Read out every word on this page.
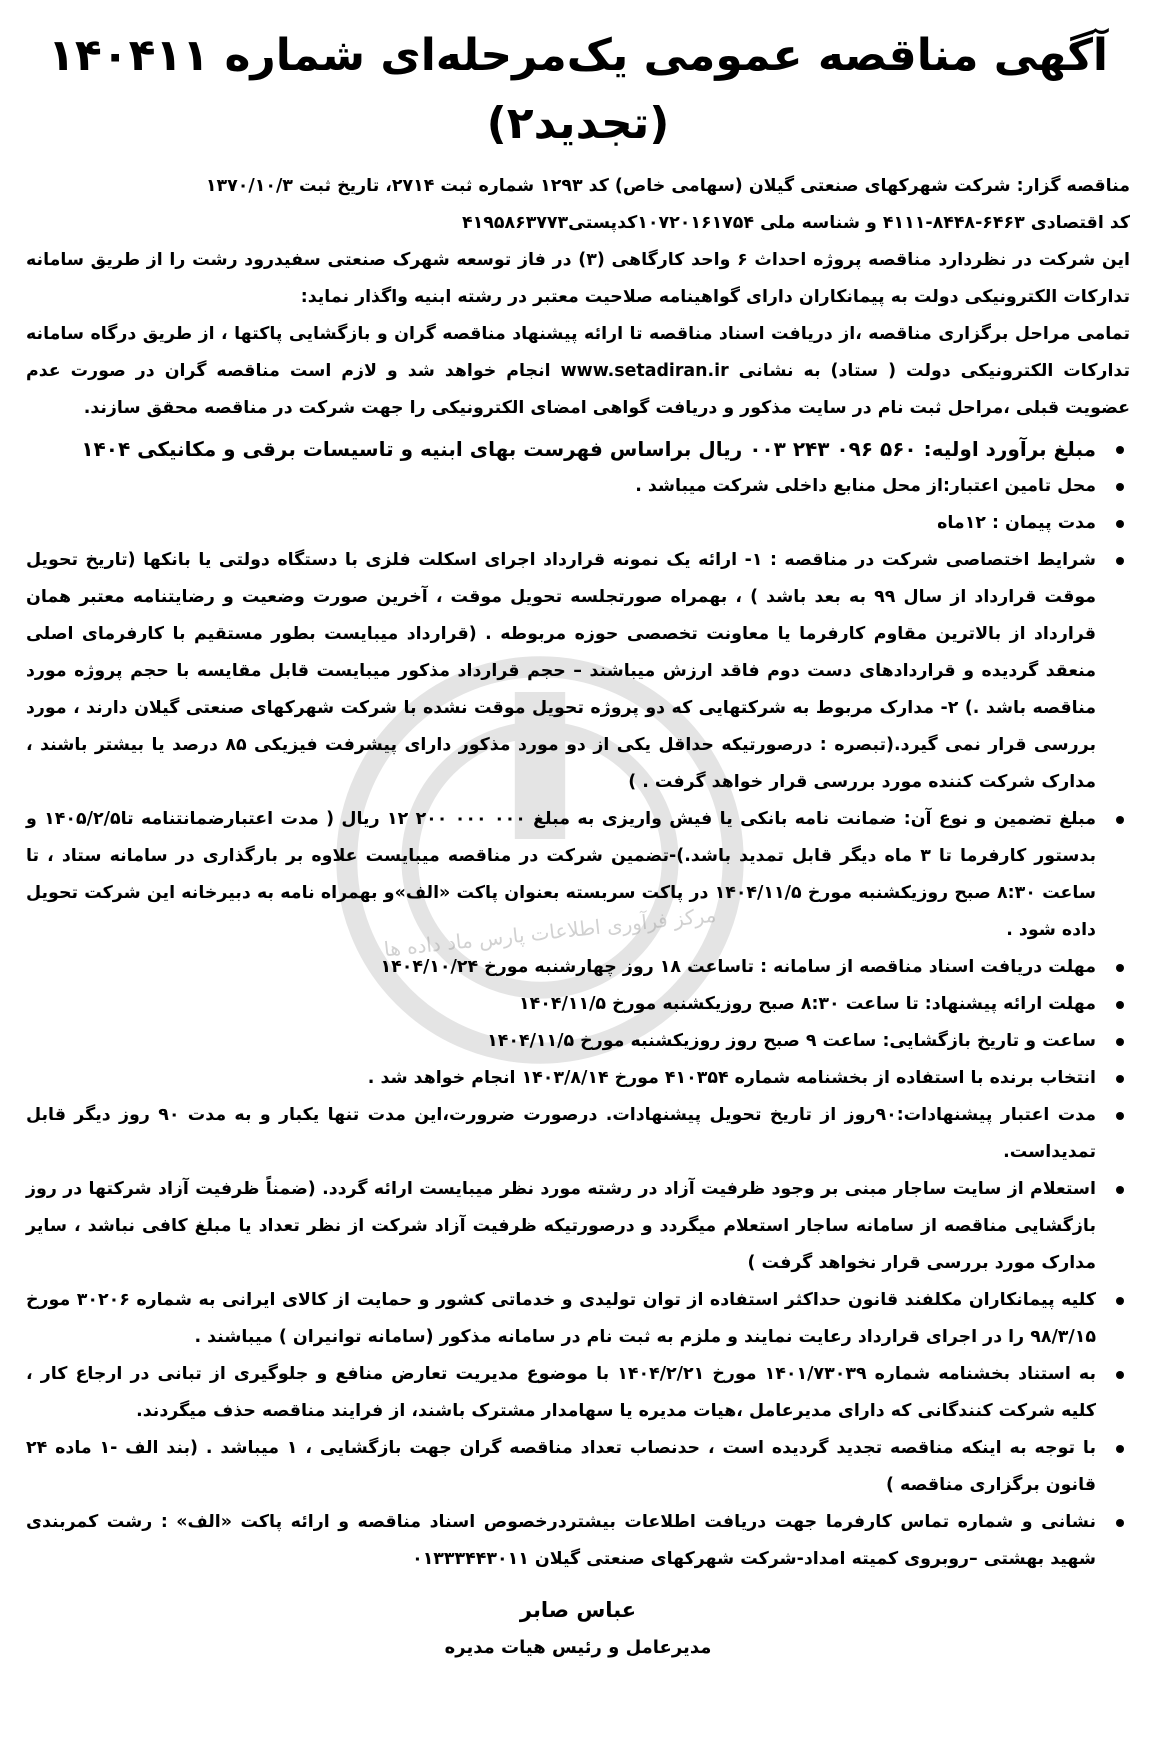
مرکز فرآوری اطلاعات پارس ماد داده ها
آگهی مناقصه عمومی یک‌مرحله‌ای شماره ۱۴۰۴۱۱ (تجدید۲)
مناقصه گزار: شرکت شهرکهای صنعتی گیلان (سهامی خاص) کد ۱۲۹۳ شماره ثبت ۲۷۱۴، تاریخ ثبت ۱۳۷۰/۱۰/۳
کد اقتصادی ۶۴۶۳-۸۴۴۸-۴۱۱۱ و شناسه ملی ۱۰۷۲۰۱۶۱۷۵۴کدپستی۴۱۹۵۸۶۳۷۷۳

این شرکت در نظردارد مناقصه پروژه احداث ۶ واحد کارگاهی (۳) در فاز توسعه شهرک صنعتی سفیدرود رشت را از طریق سامانه تدارکات الکترونیکی دولت به پیمانکاران دارای گواهینامه صلاحیت معتبر در رشته ابنیه واگذار نماید:

تمامی مراحل برگزاری مناقصه ،از دریافت اسناد مناقصه تا ارائه پیشنهاد مناقصه گران و بازگشایی پاکتها ، از طریق درگاه سامانه تدارکات الکترونیکی دولت ( ستاد) به نشانی www.setadiran.ir انجام خواهد شد و لازم است مناقصه گران در صورت عدم عضویت قبلی ،مراحل ثبت نام در سایت مذکور و دریافت گواهی امضای الکترونیکی را جهت شرکت در مناقصه محقق سازند.

مبلغ برآورد اولیه: ۵۶۰ ۰۹۶ ۲۴۳ ۰۰۳ ریال براساس فهرست بهای ابنیه و تاسیسات برقی و مکانیکی ۱۴۰۴
محل تامین اعتبار:از محل منابع داخلی شرکت میباشد .
مدت پیمان : ۱۲ماه
شرایط اختصاصی شرکت در مناقصه : ۱- ارائه یک نمونه قرارداد اجرای اسکلت فلزی با دستگاه دولتی یا بانکها (تاریخ تحویل موقت قرارداد از سال ۹۹ به بعد باشد ) ، بهمراه صورتجلسه تحویل موقت ، آخرین صورت وضعیت و رضایتنامه معتبر همان قرارداد از بالاترین مقاوم کارفرما یا معاونت تخصصی حوزه مربوطه . (قرارداد میبایست بطور مستقیم با کارفرمای اصلی منعقد گردیده و قراردادهای دست دوم فاقد ارزش میباشند – حجم قرارداد مذکور میبایست قابل مقایسه با حجم پروژه مورد مناقصه باشد .) ۲- مدارک مربوط به شرکتهایی که دو پروژه تحویل موقت نشده با شرکت شهرکهای صنعتی گیلان دارند ، مورد بررسی قرار نمی گیرد.(تبصره : درصورتیکه حداقل یکی از دو مورد مذکور دارای پیشرفت فیزیکی ۸۵ درصد یا بیشتر باشند ، مدارک شرکت کننده مورد بررسی قرار خواهد گرفت . )
مبلغ تضمین و نوع آن: ضمانت نامه بانکی یا فیش واریزی به مبلغ ۰۰۰ ۰۰۰ ۲۰۰ ۱۲ ریال ( مدت اعتبارضمانتنامه تا۱۴۰۵/۲/۵ و بدستور کارفرما تا ۳ ماه دیگر قابل تمدید باشد.)-تضمین شرکت در مناقصه میبایست علاوه بر بارگذاری در سامانه ستاد ، تا ساعت ۸:۳۰ صبح روزیکشنبه مورخ ۱۴۰۴/۱۱/۵ در پاکت سربسته بعنوان پاکت «الف»و بهمراه نامه به دبیرخانه این شرکت تحویل داده شود .
مهلت دریافت اسناد مناقصه از سامانه : تاساعت ۱۸ روز چهارشنبه مورخ ۱۴۰۴/۱۰/۲۴
مهلت ارائه پیشنهاد: تا ساعت ۸:۳۰ صبح روزیکشنبه مورخ ۱۴۰۴/۱۱/۵
ساعت و تاریخ بازگشایی: ساعت ۹ صبح روز روزیکشنبه مورخ ۱۴۰۴/۱۱/۵
انتخاب برنده با استفاده از بخشنامه شماره ۴۱۰۳۵۴ مورخ ۱۴۰۳/۸/۱۴ انجام خواهد شد .
مدت اعتبار پیشنهادات:۹۰روز از تاریخ تحویل پیشنهادات. درصورت ضرورت،این مدت تنها یکبار و به مدت ۹۰ روز دیگر قابل تمدیداست.
استعلام از سایت ساجار مبنی بر وجود ظرفیت آزاد در رشته مورد نظر میبایست ارائه گردد. (ضمناً ظرفیت آزاد شرکتها در روز بازگشایی مناقصه از سامانه ساجار استعلام میگردد و درصورتیکه ظرفیت آزاد شرکت از نظر تعداد یا مبلغ کافی نباشد ، سایر مدارک مورد بررسی قرار نخواهد گرفت )
کلیه پیمانکاران مکلفند قانون حداکثر استفاده از توان تولیدی و خدماتی کشور و حمایت از کالای ایرانی به شماره ۳۰۲۰۶ مورخ ۹۸/۳/۱۵ را در اجرای قرارداد رعایت نمایند و ملزم به ثبت نام در سامانه مذکور (سامانه توانیران ) میباشند .
به استناد بخشنامه شماره ۱۴۰۱/۷۳۰۳۹ مورخ ۱۴۰۴/۲/۲۱ با موضوع مدیریت تعارض منافع و جلوگیری از تبانی در ارجاع کار ، کلیه شرکت کنندگانی که دارای مدیرعامل ،هیات مدیره یا سهامدار مشترک باشند، از فرایند مناقصه حذف میگردند.
با توجه به اینکه مناقصه تجدید گردیده است ، حدنصاب تعداد مناقصه گران جهت بازگشایی ، ۱ میباشد . (بند الف -۱ ماده ۲۴ قانون برگزاری مناقصه )
نشانی و شماره تماس کارفرما جهت دریافت اطلاعات بیشتردرخصوص اسناد مناقصه و ارائه پاکت «الف» : رشت کمربندی شهید بهشتی –روبروی کمیته امداد-شرکت شهرکهای صنعتی گیلان ۰۱۳۳۳۴۴۳۰۱۱
عباس صابر
مدیرعامل و رئیس هیات مدیره
